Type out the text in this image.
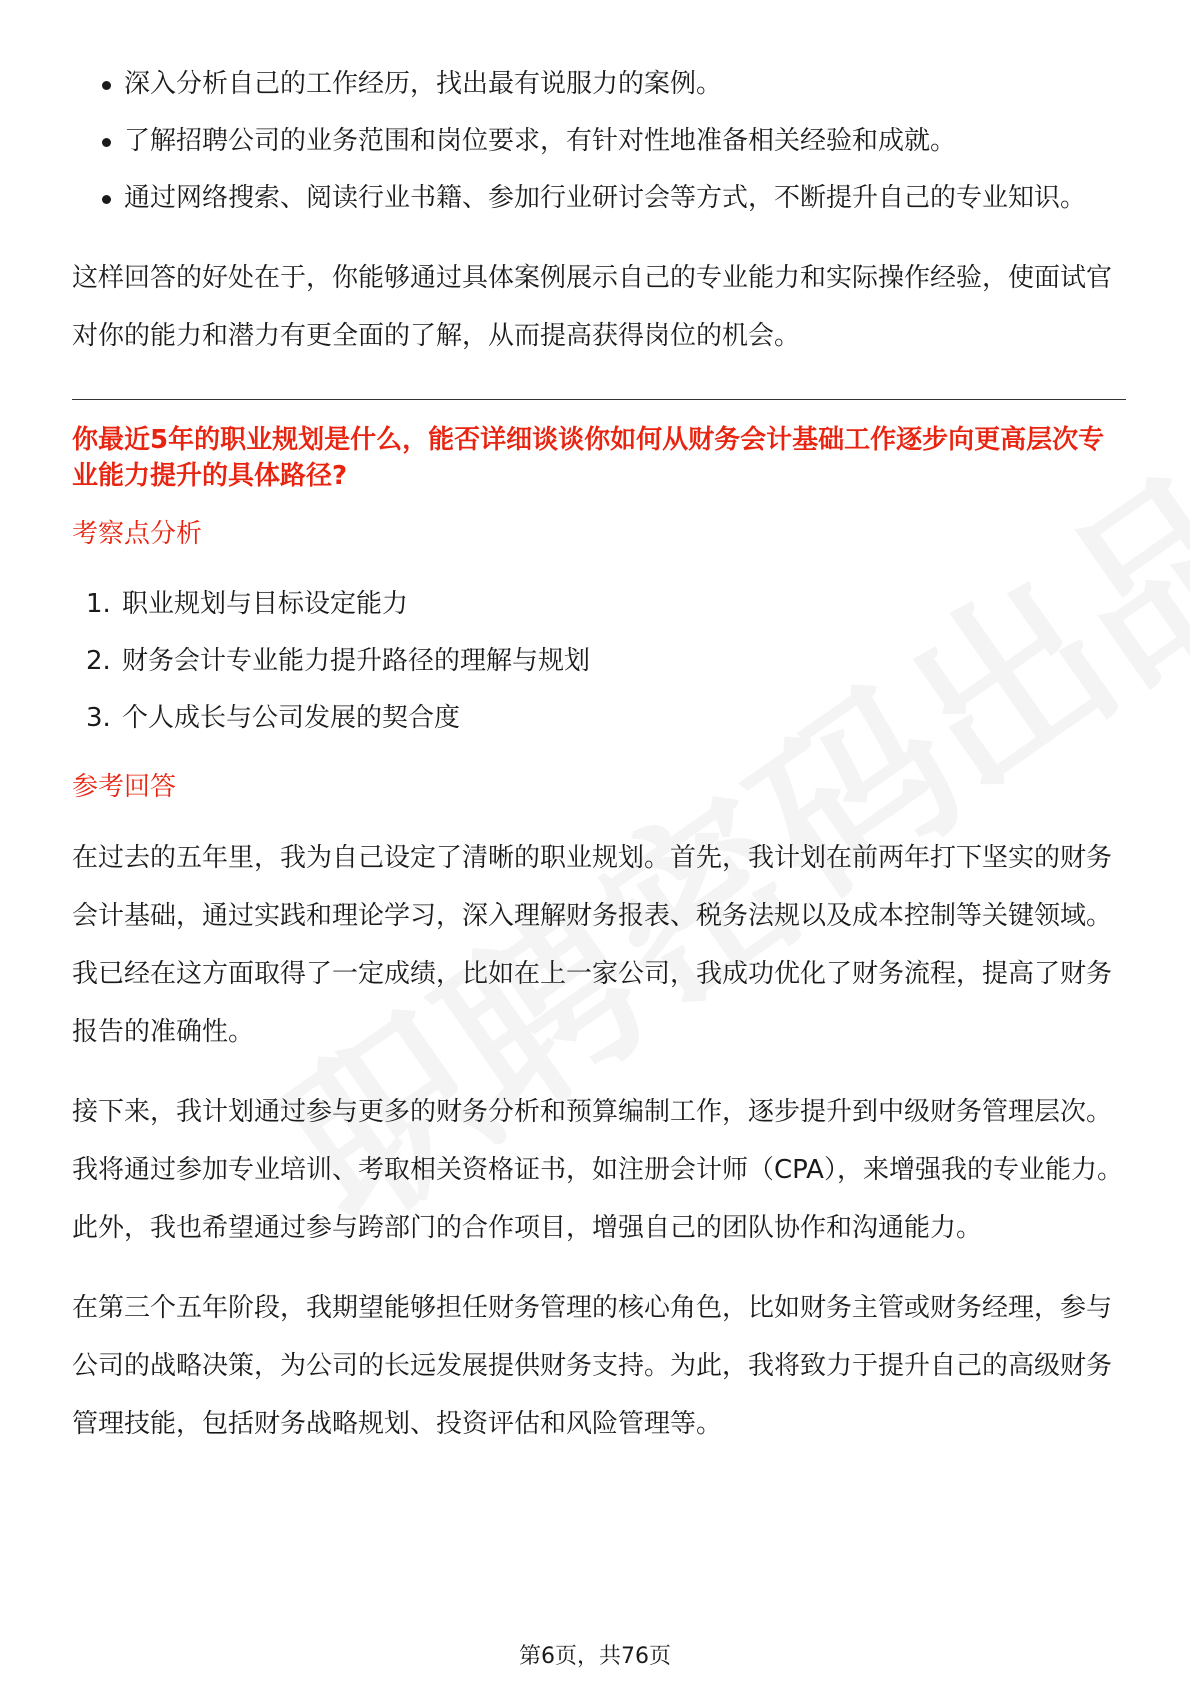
深入分析自己的工作经历，找出最有说服力的案例。
了解招聘公司的业务范围和岗位要求，有针对性地准备相关经验和成就。
通过网络搜索、阅读行业书籍、参加行业研讨会等方式，不断提升自己的专业知识。

这样回答的好处在于，你能够通过具体案例展示自己的专业能力和实际操作经验，使面试官对你的能力和潜力有更全面的了解，从而提高获得岗位的机会。

你最近5年的职业规划是什么，能否详细谈谈你如何从财务会计基础工作逐步向更高层次专业能力提升的具体路径?

考察点分析
1. 职业规划与目标设定能力
2. 财务会计专业能力提升路径的理解与规划
3. 个人成长与公司发展的契合度
参考回答

在过去的五年里，我为自己设定了清晰的职业规划。首先，我计划在前两年打下坚实的财务会计基础，通过实践和理论学习，深入理解财务报表、税务法规以及成本控制等关键领域。我已经在这方面取得了一定成绩，比如在上一家公司，我成功优化了财务流程，提高了财务报告的准确性。

接下来，我计划通过参与更多的财务分析和预算编制工作，逐步提升到中级财务管理层次。我将通过参加专业培训、考取相关资格证书，如注册会计师（CPA），来增强我的专业能力。此外，我也希望通过参与跨部门的合作项目，增强自己的团队协作和沟通能力。

在第三个五年阶段，我期望能够担任财务管理的核心角色，比如财务主管或财务经理，参与公司的战略决策，为公司的长远发展提供财务支持。为此，我将致力于提升自己的高级财务管理技能，包括财务战略规划、投资评估和风险管理等。

第6页，共76页
